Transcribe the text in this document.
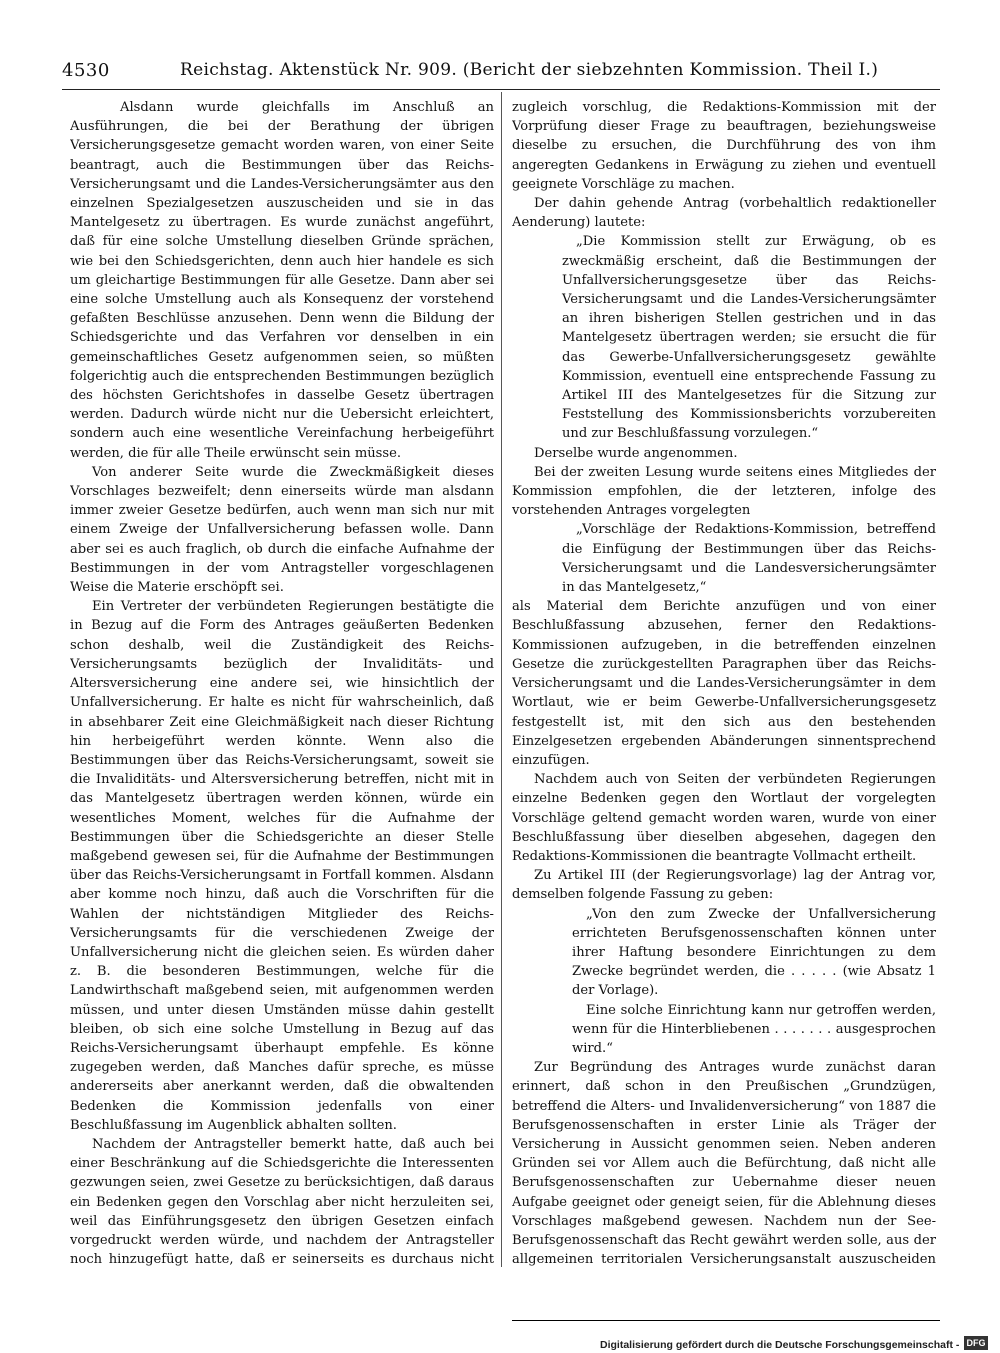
4530	Reichstag. Aktenstück Nr. 909. (Bericht der siebzehnten Kommission. Theil I.)

Alsdann wurde gleichfalls im Anschluß an Ausführungen, die bei der Berathung der übrigen Versicherungsgesetze gemacht worden waren, von einer Seite beantragt, auch die Bestimmungen über das Reichs-Versicherungsamt und die Landes-Versicherungsämter aus den einzelnen Spezialgesetzen auszuscheiden und sie in das Mantelgesetz zu übertragen. Es wurde zunächst angeführt, daß für eine solche Umstellung dieselben Gründe sprächen, wie bei den Schiedsgerichten, denn auch hier handele es sich um gleichartige Bestimmungen für alle Gesetze. Dann aber sei eine solche Umstellung auch als Konsequenz der vorstehend gefaßten Beschlüsse anzusehen. Denn wenn die Bildung der Schiedsgerichte und das Verfahren vor denselben in ein gemeinschaftliches Gesetz aufgenommen seien, so müßten folgerichtig auch die entsprechenden Bestimmungen bezüglich des höchsten Gerichtshofes in dasselbe Gesetz übertragen werden. Dadurch würde nicht nur die Uebersicht erleichtert, sondern auch eine wesentliche Vereinfachung herbeigeführt werden, die für alle Theile erwünscht sein müsse.

Von anderer Seite wurde die Zweckmäßigkeit dieses Vorschlages bezweifelt; denn einerseits würde man alsdann immer zweier Gesetze bedürfen, auch wenn man sich nur mit einem Zweige der Unfallversicherung befassen wolle. Dann aber sei es auch fraglich, ob durch die einfache Aufnahme der Bestimmungen in der vom Antragsteller vorgeschlagenen Weise die Materie erschöpft sei.

Ein Vertreter der verbündeten Regierungen bestätigte die in Bezug auf die Form des Antrages geäußerten Bedenken schon deshalb, weil die Zuständigkeit des Reichs-Versicherungsamts bezüglich der Invaliditäts- und Altersversicherung eine andere sei, wie hinsichtlich der Unfallversicherung. Er halte es nicht für wahrscheinlich, daß in absehbarer Zeit eine Gleichmäßigkeit nach dieser Richtung hin herbeigeführt werden könnte. Wenn also die Bestimmungen über das Reichs-Versicherungsamt, soweit sie die Invaliditäts- und Altersversicherung betreffen, nicht mit in das Mantelgesetz übertragen werden können, würde ein wesentliches Moment, welches für die Aufnahme der Bestimmungen über die Schiedsgerichte an dieser Stelle maßgebend gewesen sei, für die Aufnahme der Bestimmungen über das Reichs-Versicherungsamt in Fortfall kommen. Alsdann aber komme noch hinzu, daß auch die Vorschriften für die Wahlen der nichtständigen Mitglieder des Reichs-Versicherungsamts für die verschiedenen Zweige der Unfallversicherung nicht die gleichen seien. Es würden daher z. B. die besonderen Bestimmungen, welche für die Landwirthschaft maßgebend seien, mit aufgenommen werden müssen, und unter diesen Umständen müsse dahin gestellt bleiben, ob sich eine solche Umstellung in Bezug auf das Reichs-Versicherungsamt überhaupt empfehle. Es könne zugegeben werden, daß Manches dafür spreche, es müsse andererseits aber anerkannt werden, daß die obwaltenden Bedenken die Kommission jedenfalls von einer Beschlußfassung im Augenblick abhalten sollten.

Nachdem der Antragsteller bemerkt hatte, daß auch bei einer Beschränkung auf die Schiedsgerichte die Interessenten gezwungen seien, zwei Gesetze zu berücksichtigen, daß daraus ein Bedenken gegen den Vorschlag aber nicht herzuleiten sei, weil das Einführungsgesetz den übrigen Gesetzen einfach vorgedruckt werden würde, und nachdem der Antragsteller noch hinzugefügt hatte, daß er seinerseits es durchaus nicht

zugleich vorschlug, die Redaktions-Kommission mit der Vorprüfung dieser Frage zu beauftragen, beziehungsweise dieselbe zu ersuchen, die Durchführung des von ihm angeregten Gedankens in Erwägung zu ziehen und eventuell geeignete Vorschläge zu machen.

Der dahin gehende Antrag (vorbehaltlich redaktioneller Aenderung) lautete:

„Die Kommission stellt zur Erwägung, ob es zweckmäßig erscheint, daß die Bestimmungen der Unfallversicherungsgesetze über das Reichs-Versicherungsamt und die Landes-Versicherungsämter an ihren bisherigen Stellen gestrichen und in das Mantelgesetz übertragen werden; sie ersucht die für das Gewerbe-Unfallversicherungsgesetz gewählte Kommission, eventuell eine entsprechende Fassung zu Artikel III des Mantelgesetzes für die Sitzung zur Feststellung des Kommissionsberichts vorzubereiten und zur Beschlußfassung vorzulegen.“

Derselbe wurde angenommen.

Bei der zweiten Lesung wurde seitens eines Mitgliedes der Kommission empfohlen, die der letzteren, infolge des vorstehenden Antrages vorgelegten

„Vorschläge der Redaktions-Kommission, betreffend die Einfügung der Bestimmungen über das Reichs-Versicherungsamt und die Landesversicherungsämter in das Mantelgesetz,“

als Material dem Berichte anzufügen und von einer Beschlußfassung abzusehen, ferner den Redaktions-Kommissionen aufzugeben, in die betreffenden einzelnen Gesetze die zurückgestellten Paragraphen über das Reichs-Versicherungsamt und die Landes-Versicherungsämter in dem Wortlaut, wie er beim Gewerbe-Unfallversicherungsgesetz festgestellt ist, mit den sich aus den bestehenden Einzelgesetzen ergebenden Abänderungen sinnentsprechend einzufügen.

Nachdem auch von Seiten der verbündeten Regierungen einzelne Bedenken gegen den Wortlaut der vorgelegten Vorschläge geltend gemacht worden waren, wurde von einer Beschlußfassung über dieselben abgesehen, dagegen den Redaktions-Kommissionen die beantragte Vollmacht ertheilt.

Zu Artikel III (der Regierungsvorlage) lag der Antrag vor, demselben folgende Fassung zu geben:

„Von den zum Zwecke der Unfallversicherung errichteten Berufsgenossenschaften können unter ihrer Haftung besondere Einrichtungen zu dem Zwecke begründet werden, die . . . . . (wie Absatz 1 der Vorlage).

Eine solche Einrichtung kann nur getroffen werden, wenn für die Hinterbliebenen . . . . . . . ausgesprochen wird.“

Zur Begründung des Antrages wurde zunächst daran erinnert, daß schon in den Preußischen „Grundzügen, betreffend die Alters- und Invalidenversicherung“ von 1887 die Berufsgenossenschaften in erster Linie als Träger der Versicherung in Aussicht genommen seien. Neben anderen Gründen sei vor Allem auch die Befürchtung, daß nicht alle Berufsgenossenschaften zur Uebernahme dieser neuen Aufgabe geeignet oder geneigt seien, für die Ablehnung dieses Vorschlages maßgebend gewesen. Nachdem nun der See-Berufsgenossenschaft das Recht gewährt werden solle, aus der allgemeinen territorialen Versicherungsanstalt auszuscheiden

Digitalisierung gefördert durch die Deutsche Forschungsgemeinschaft - DFG
